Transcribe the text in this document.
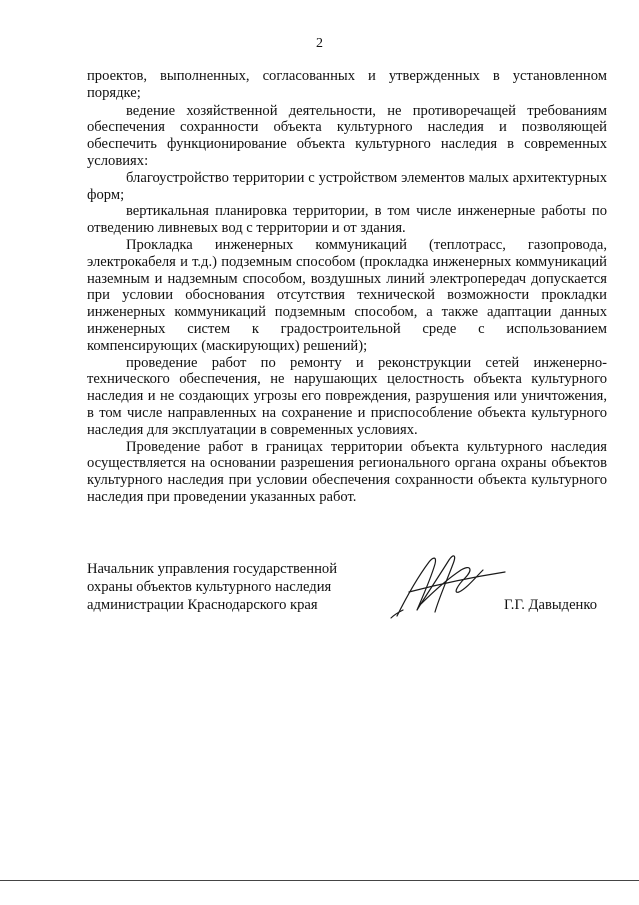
2

проектов, выполненных, согласованных и утвержденных в установленном порядке;

ведение хозяйственной деятельности, не противоречащей требованиям обеспечения сохранности объекта культурного наследия и позволяющей обеспечить функционирование объекта культурного наследия в современных условиях:

благоустройство территории с устройством элементов малых архитектурных форм;

вертикальная планировка территории, в том числе инженерные работы по отведению ливневых вод с территории и от здания.

Прокладка инженерных коммуникаций (теплотрасс, газопровода, электрокабеля и т.д.) подземным способом (прокладка инженерных коммуникаций наземным и надземным способом, воздушных линий электропередач допускается при условии обоснования отсутствия технической возможности прокладки инженерных коммуникаций подземным способом, а также адаптации данных инженерных систем к градостроительной среде с использованием компенсирующих (маскирующих) решений);

проведение работ по ремонту и реконструкции сетей инженерно-технического обеспечения, не нарушающих целостность объекта культурного наследия и не создающих угрозы его повреждения, разрушения или уничтожения, в том числе направленных на сохранение и приспособление объекта культурного наследия для эксплуатации в современных условиях.

Проведение работ в границах территории объекта культурного наследия осуществляется на основании разрешения регионального органа охраны объектов культурного наследия при условии обеспечения сохранности объекта культурного наследия при проведении указанных работ.

Начальник управления государственной
охраны объектов культурного наследия
администрации Краснодарского края	Г.Г. Давыденко
